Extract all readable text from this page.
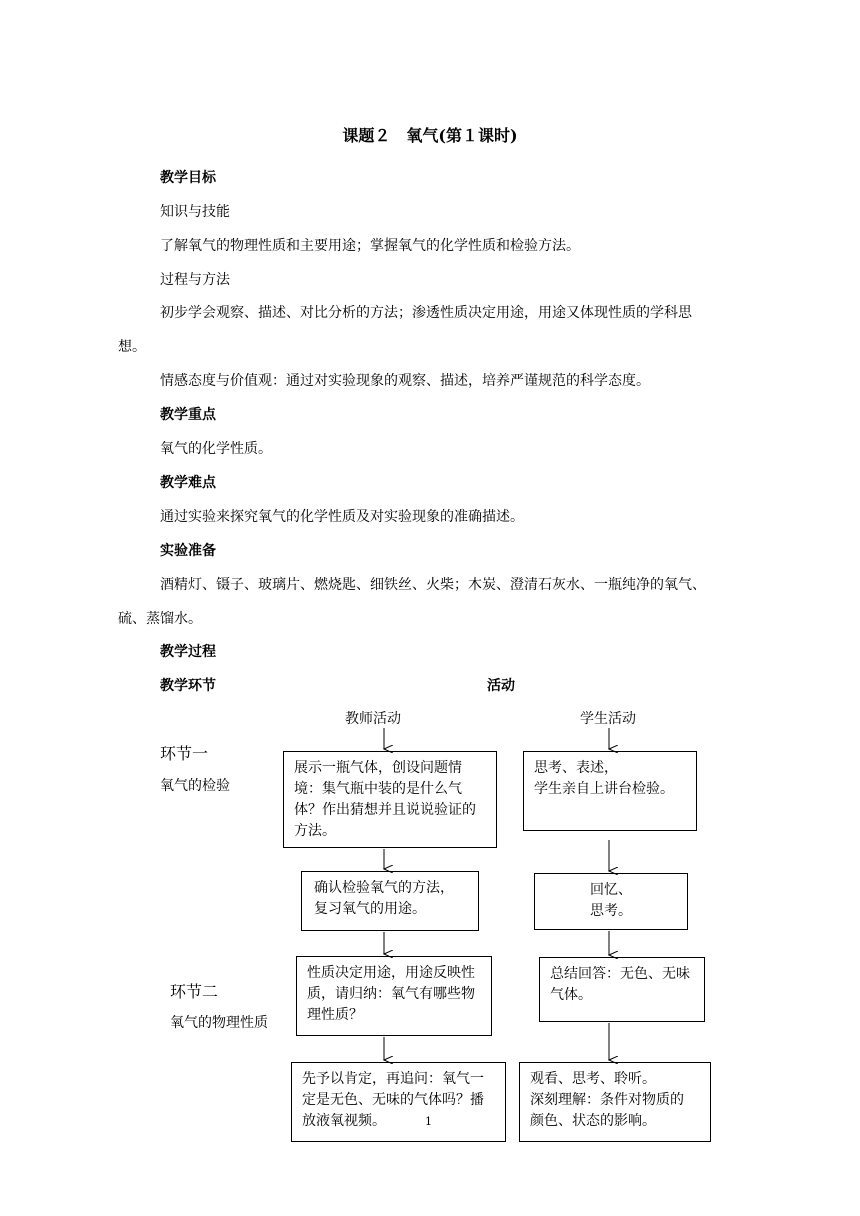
课题２　氧气(第１课时)
教学目标
知识与技能
了解氧气的物理性质和主要用途；掌握氧气的化学性质和检验方法。
过程与方法
初步学会观察、描述、对比分析的方法；渗透性质决定用途，用途又体现性质的学科思
想。
情感态度与价值观：通过对实验现象的观察、描述，培养严谨规范的科学态度。
教学重点
氧气的化学性质。
教学难点
通过实验来探究氧气的化学性质及对实验现象的准确描述。
实验准备
酒精灯、镊子、玻璃片、燃烧匙、细铁丝、火柴；木炭、澄清石灰水、一瓶纯净的氧气、
硫、蒸馏水。
教学过程
教学环节	活动
教师活动	学生活动
环节一
氧气的检验
环节二
氧气的物理性质
展示一瓶气体，创设问题情境：集气瓶中装的是什么气体？作出猜想并且说说验证的方法。
确认检验氧气的方法，复习氧气的用途。
性质决定用途，用途反映性质，请归纳：氧气有哪些物理性质？
先予以肯定，再追问：氧气一定是无色、无味的气体吗？播放液氧视频。
思考、表述，
学生亲自上讲台检验。
回忆、
思考。
总结回答：无色、无味气体。
观看、思考、聆听。
深刻理解：条件对物质的
颜色、状态的影响。
1
